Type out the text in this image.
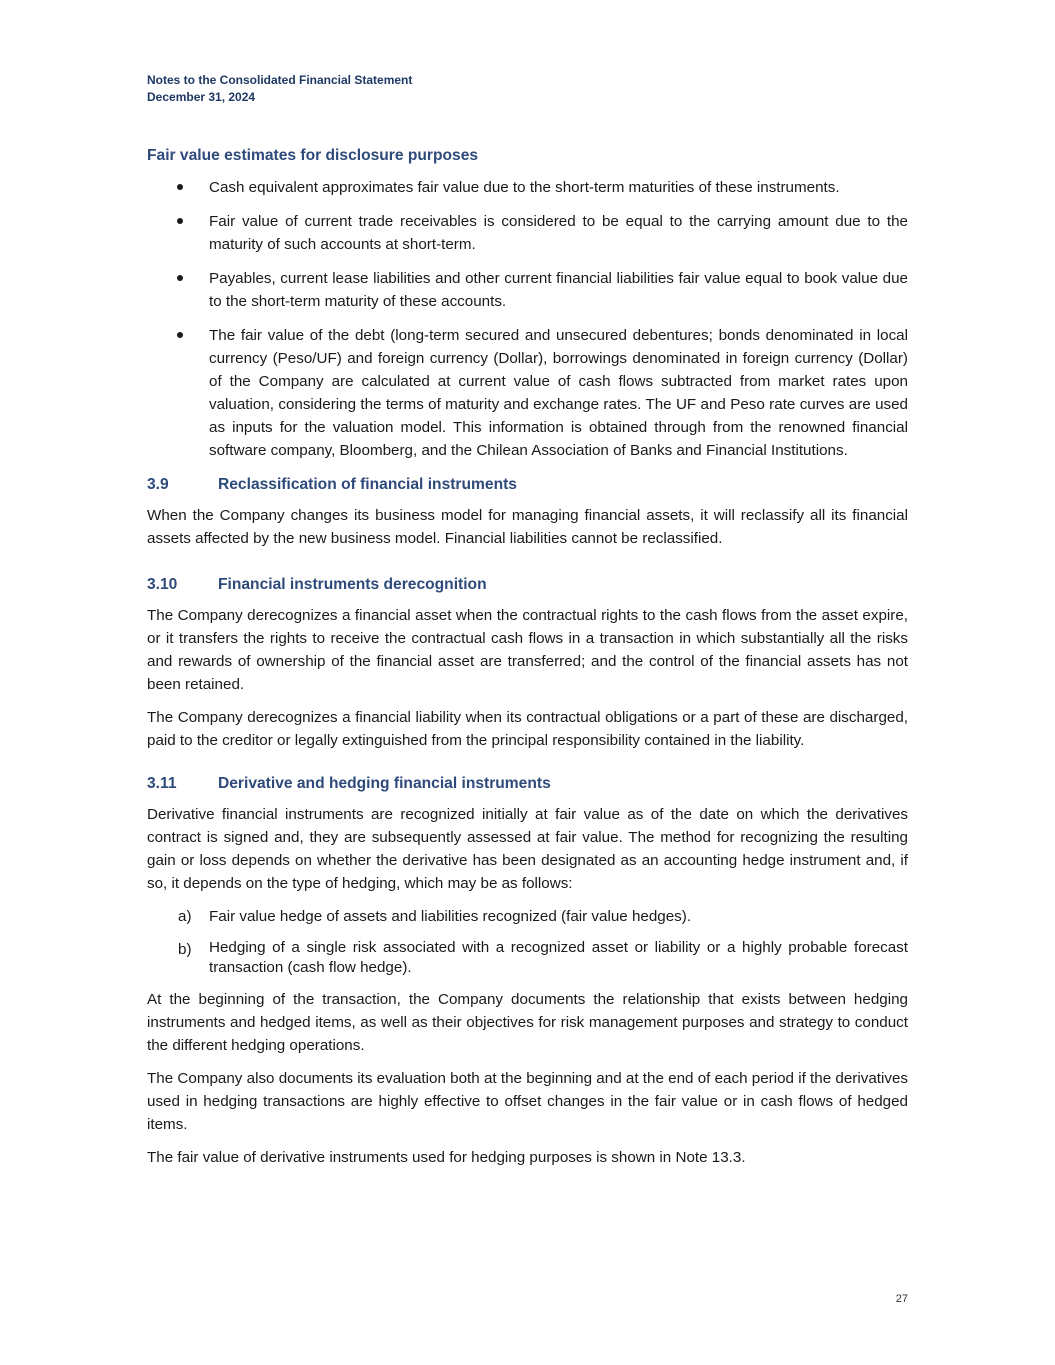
Notes to the Consolidated Financial Statement
December 31, 2024
Fair value estimates for disclosure purposes

Cash equivalent approximates fair value due to the short-term maturities of these instruments.

Fair value of current trade receivables is considered to be equal to the carrying amount due to the maturity of such accounts at short-term.

Payables, current lease liabilities and other current financial liabilities fair value equal to book value due to the short-term maturity of these accounts.

The fair value of the debt (long-term secured and unsecured debentures; bonds denominated in local currency (Peso/UF) and foreign currency (Dollar), borrowings denominated in foreign currency (Dollar) of the Company are calculated at current value of cash flows subtracted from market rates upon valuation, considering the terms of maturity and exchange rates. The UF and Peso rate curves are used as inputs for the valuation model. This information is obtained through from the renowned financial software company, Bloomberg, and the Chilean Association of Banks and Financial Institutions.

3.9	Reclassification of financial instruments

When the Company changes its business model for managing financial assets, it will reclassify all its financial assets affected by the new business model. Financial liabilities cannot be reclassified.

3.10	Financial instruments derecognition

The Company derecognizes a financial asset when the contractual rights to the cash flows from the asset expire, or it transfers the rights to receive the contractual cash flows in a transaction in which substantially all the risks and rewards of ownership of the financial asset are transferred; and the control of the financial assets has not been retained.

The Company derecognizes a financial liability when its contractual obligations or a part of these are discharged, paid to the creditor or legally extinguished from the principal responsibility contained in the liability.

3.11	Derivative and hedging financial instruments

Derivative financial instruments are recognized initially at fair value as of the date on which the derivatives contract is signed and, they are subsequently assessed at fair value. The method for recognizing the resulting gain or loss depends on whether the derivative has been designated as an accounting hedge instrument and, if so, it depends on the type of hedging, which may be as follows:

a) Fair value hedge of assets and liabilities recognized (fair value hedges).

b) Hedging of a single risk associated with a recognized asset or liability or a highly probable forecast transaction (cash flow hedge).

At the beginning of the transaction, the Company documents the relationship that exists between hedging instruments and hedged items, as well as their objectives for risk management purposes and strategy to conduct the different hedging operations.

The Company also documents its evaluation both at the beginning and at the end of each period if the derivatives used in hedging transactions are highly effective to offset changes in the fair value or in cash flows of hedged items.

The fair value of derivative instruments used for hedging purposes is shown in Note 13.3.

27
